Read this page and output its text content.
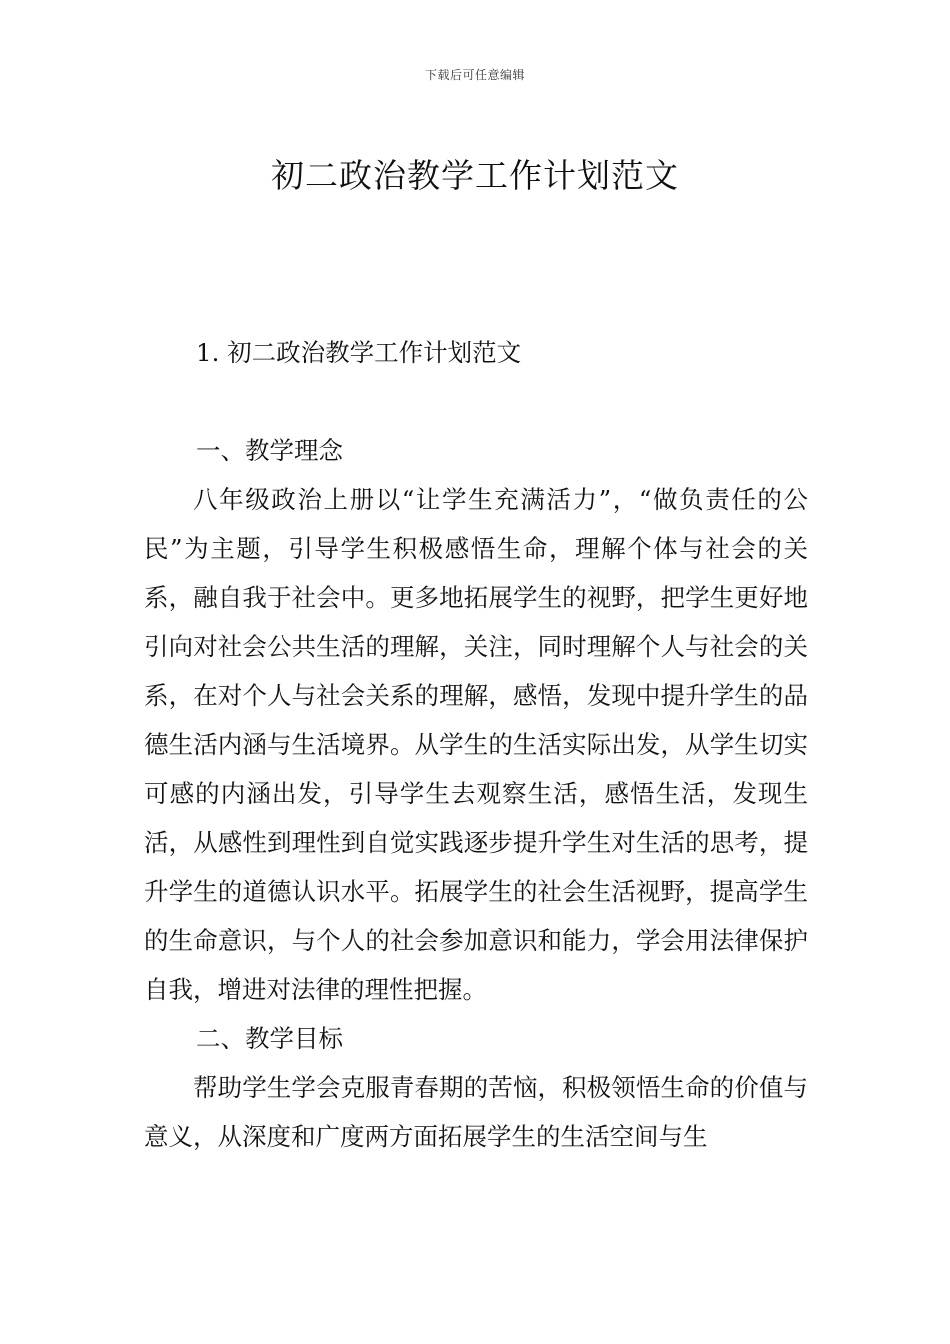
下载后可任意编辑
初二政治教学工作计划范文

1. 初二政治教学工作计划范文

一、教学理念

八年级政治上册以“让学生充满活力”，“做负责任的公民”为主题，引导学生积极感悟生命，理解个体与社会的关系，融自我于社会中。更多地拓展学生的视野，把学生更好地引向对社会公共生活的理解，关注，同时理解个人与社会的关系，在对个人与社会关系的理解，感悟，发现中提升学生的品德生活内涵与生活境界。从学生的生活实际出发，从学生切实可感的内涵出发，引导学生去观察生活，感悟生活，发现生活，从感性到理性到自觉实践逐步提升学生对生活的思考，提升学生的道德认识水平。拓展学生的社会生活视野，提高学生的生命意识，与个人的社会参加意识和能力，学会用法律保护自我，增进对法律的理性把握。

二、教学目标

帮助学生学会克服青春期的苦恼，积极领悟生命的价值与意义，从深度和广度两方面拓展学生的生活空间与生
